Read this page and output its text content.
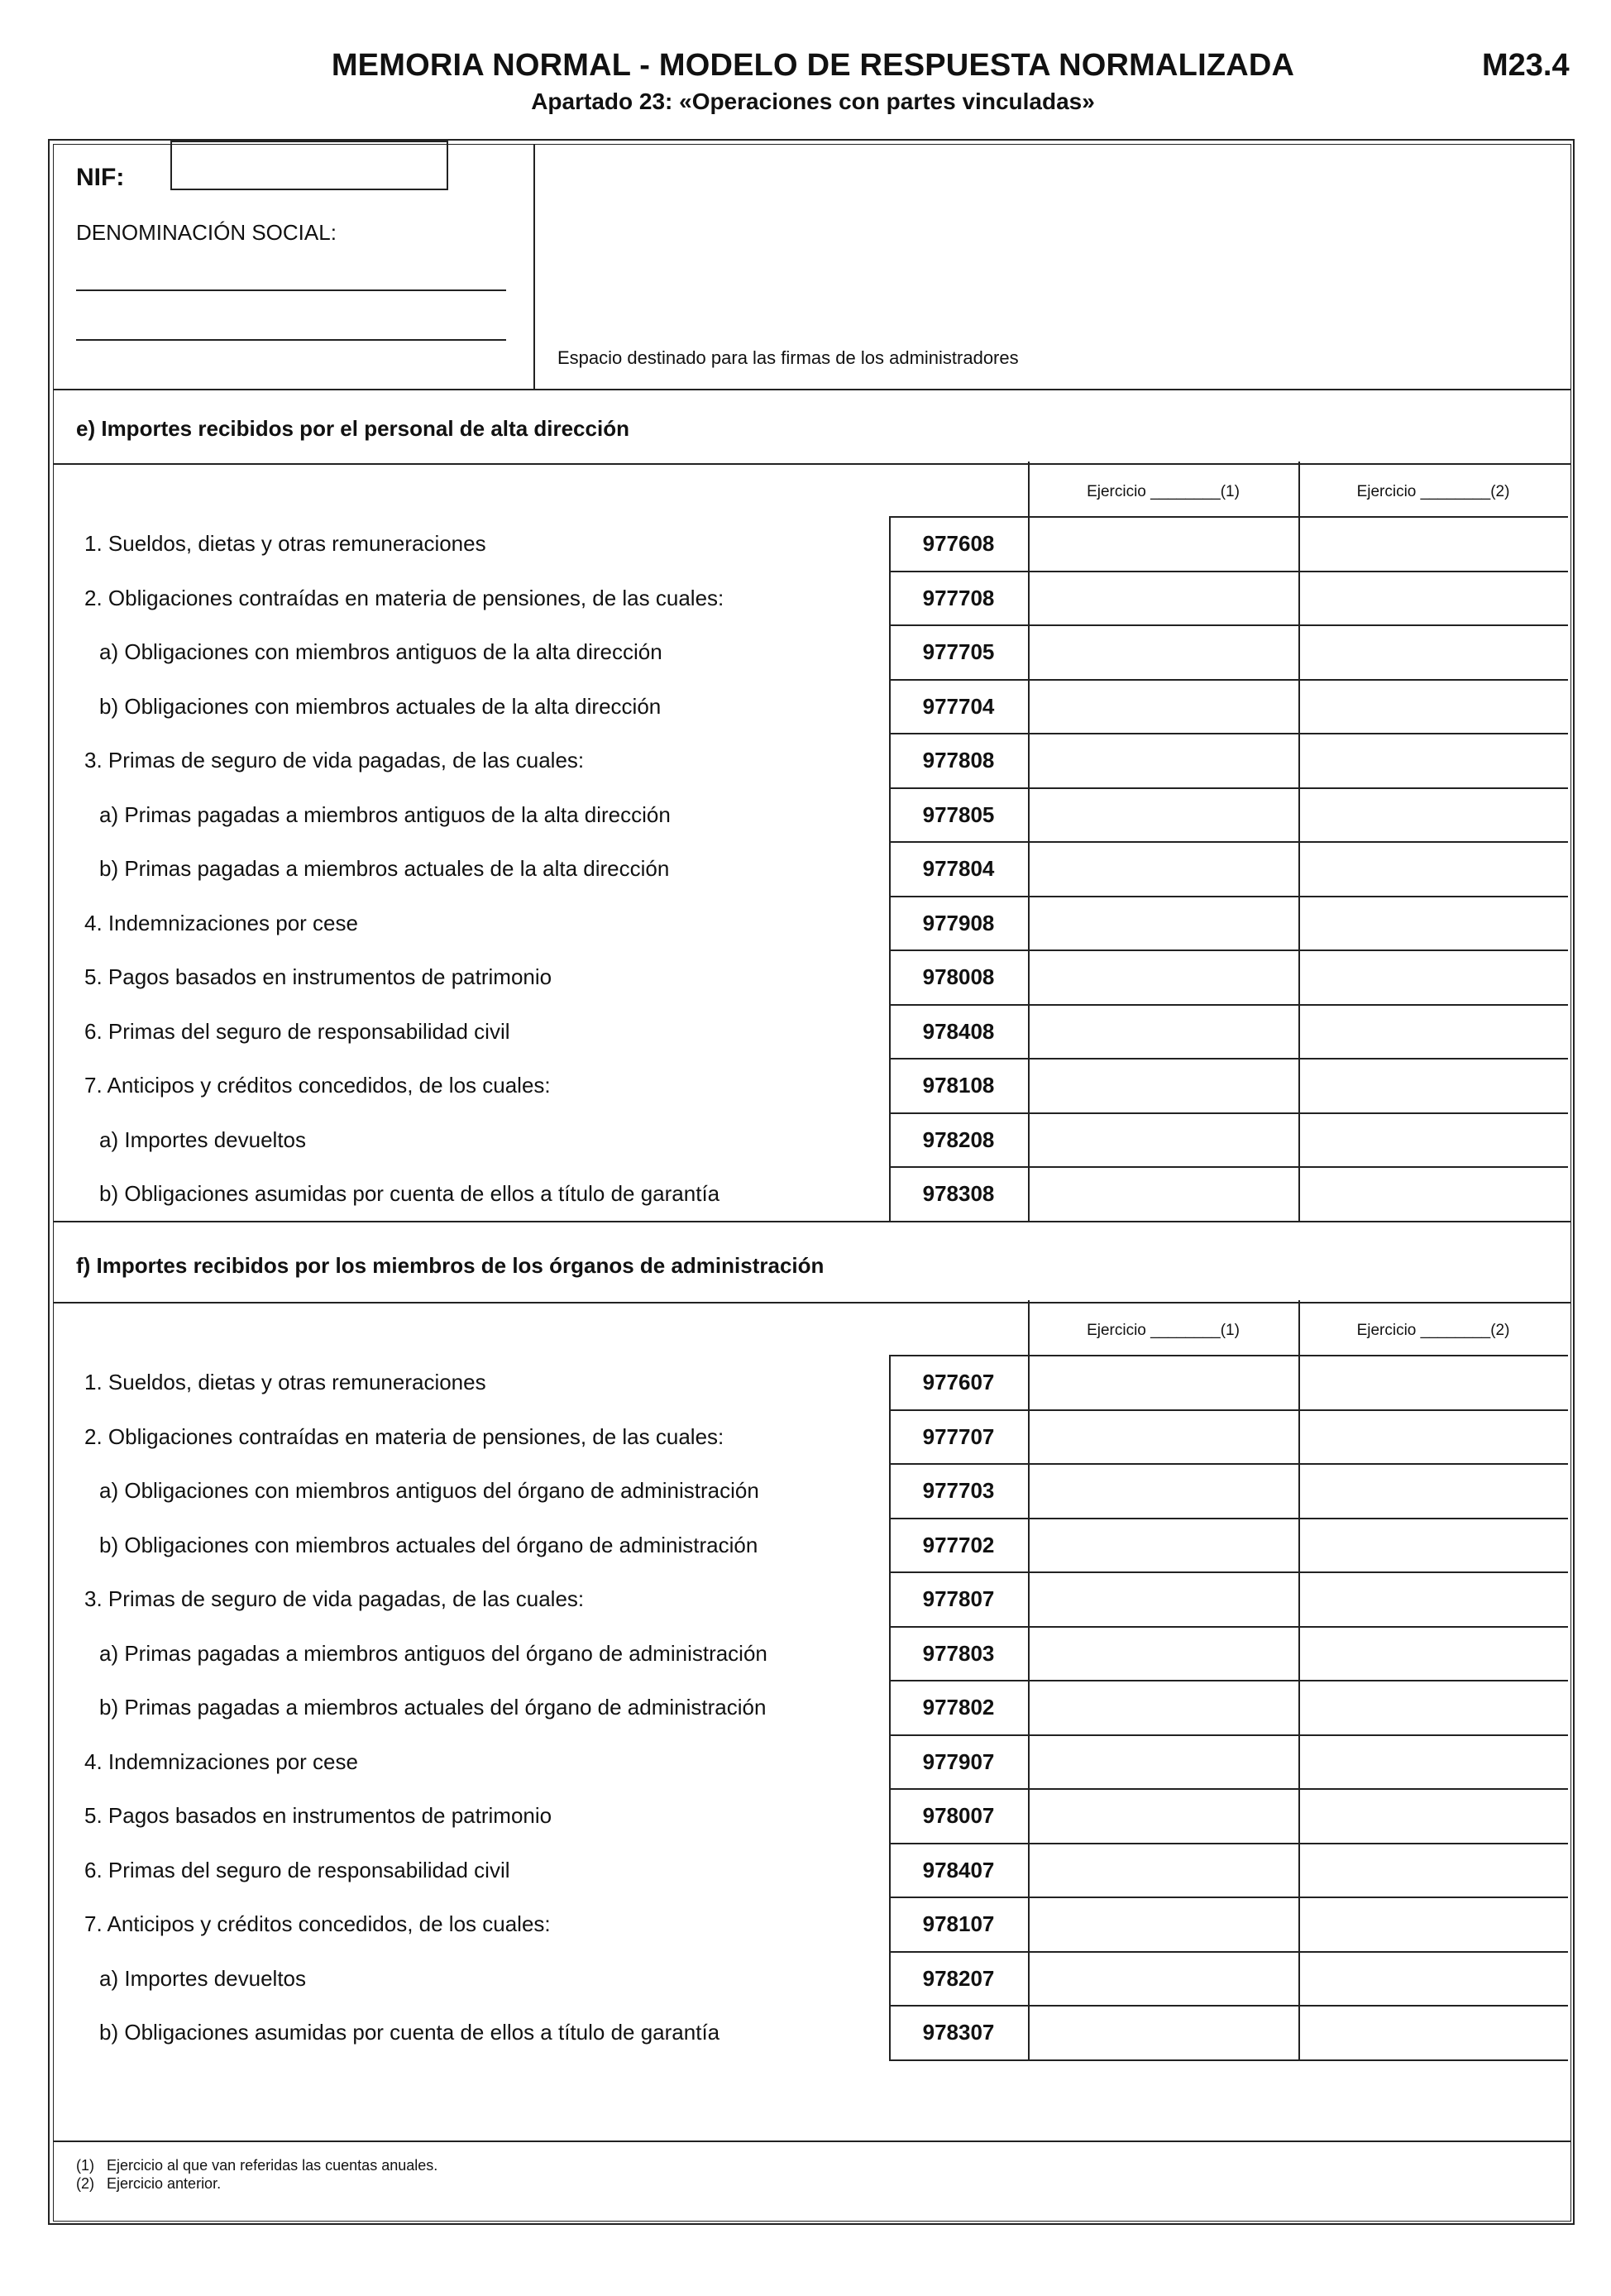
MEMORIA NORMAL - MODELO DE RESPUESTA NORMALIZADA	M23.4
Apartado 23: «Operaciones con partes vinculadas»
NIF:
DENOMINACIÓN SOCIAL:
Espacio destinado para las firmas de los administradores
e) Importes recibidos por el personal de alta dirección
Ejercicio ________(1)	Ejercicio ________(2)
1. Sueldos, dietas y otras remuneraciones	977608
2. Obligaciones contraídas en materia de pensiones, de las cuales:	977708
a) Obligaciones con miembros antiguos de la alta dirección	977705
b) Obligaciones con miembros actuales de la alta dirección	977704
3. Primas de seguro de vida pagadas, de las cuales:	977808
a) Primas pagadas a miembros antiguos de la alta dirección	977805
b) Primas pagadas a miembros actuales de la alta dirección	977804
4. Indemnizaciones por cese	977908
5. Pagos basados en instrumentos de patrimonio	978008
6. Primas del seguro de responsabilidad civil	978408
7. Anticipos y créditos concedidos, de los cuales:	978108
a) Importes devueltos	978208
b) Obligaciones asumidas por cuenta de ellos a título de garantía	978308
f) Importes recibidos por los miembros de los órganos de administración
Ejercicio ________(1)	Ejercicio ________(2)
1. Sueldos, dietas y otras remuneraciones	977607
2. Obligaciones contraídas en materia de pensiones, de las cuales:	977707
a) Obligaciones con miembros antiguos del órgano de administración	977703
b) Obligaciones con miembros actuales del órgano de administración	977702
3. Primas de seguro de vida pagadas, de las cuales:	977807
a) Primas pagadas a miembros antiguos del órgano de administración	977803
b) Primas pagadas a miembros actuales del órgano de administración	977802
4. Indemnizaciones por cese	977907
5. Pagos basados en instrumentos de patrimonio	978007
6. Primas del seguro de responsabilidad civil	978407
7. Anticipos y créditos concedidos, de los cuales:	978107
a) Importes devueltos	978207
b) Obligaciones asumidas por cuenta de ellos a título de garantía	978307
(1) Ejercicio al que van referidas las cuentas anuales.
(2) Ejercicio anterior.
